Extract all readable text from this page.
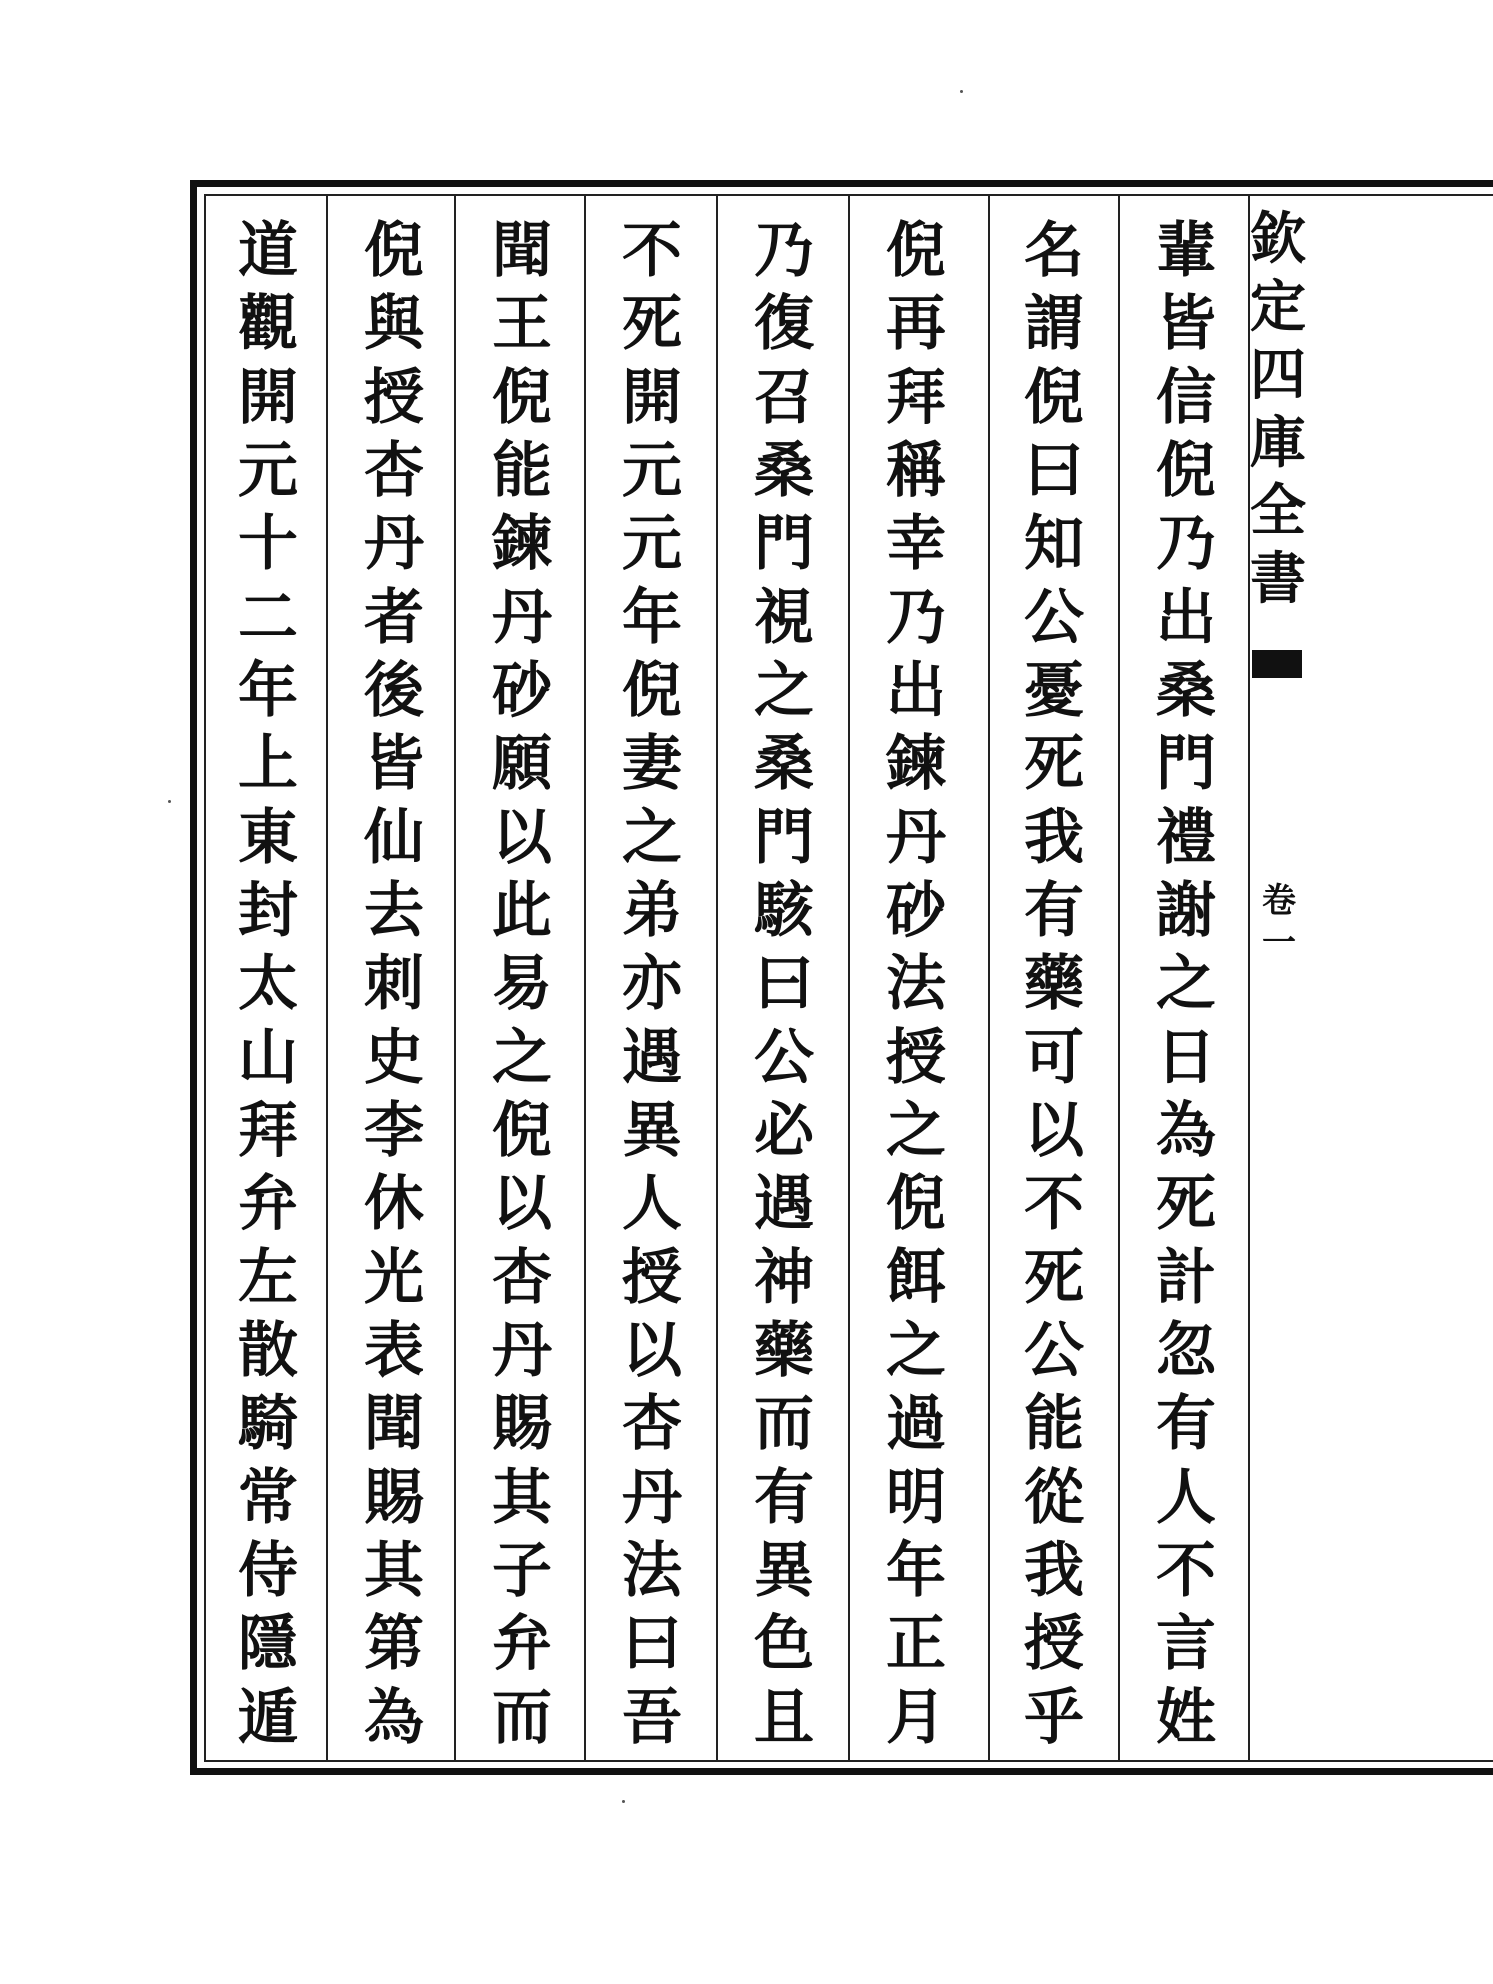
欽
定
四
庫
全
書
卷
一
輩
皆
信
倪
乃
出
桑
門
禮
謝
之
日
為
死
計
忽
有
人
不
言
姓
名
謂
倪
曰
知
公
憂
死
我
有
藥
可
以
不
死
公
能
從
我
授
乎
倪
再
拜
稱
幸
乃
出
鍊
丹
砂
法
授
之
倪
餌
之
過
明
年
正
月
乃
復
召
桑
門
視
之
桑
門
駭
曰
公
必
遇
神
藥
而
有
異
色
且
不
死
開
元
元
年
倪
妻
之
弟
亦
遇
異
人
授
以
杏
丹
法
曰
吾
聞
王
倪
能
鍊
丹
砂
願
以
此
易
之
倪
以
杏
丹
賜
其
子
弁
而
倪
與
授
杏
丹
者
後
皆
仙
去
刺
史
李
休
光
表
聞
賜
其
第
為
道
觀
開
元
十
二
年
上
東
封
太
山
拜
弁
左
散
騎
常
侍
隱
遁
